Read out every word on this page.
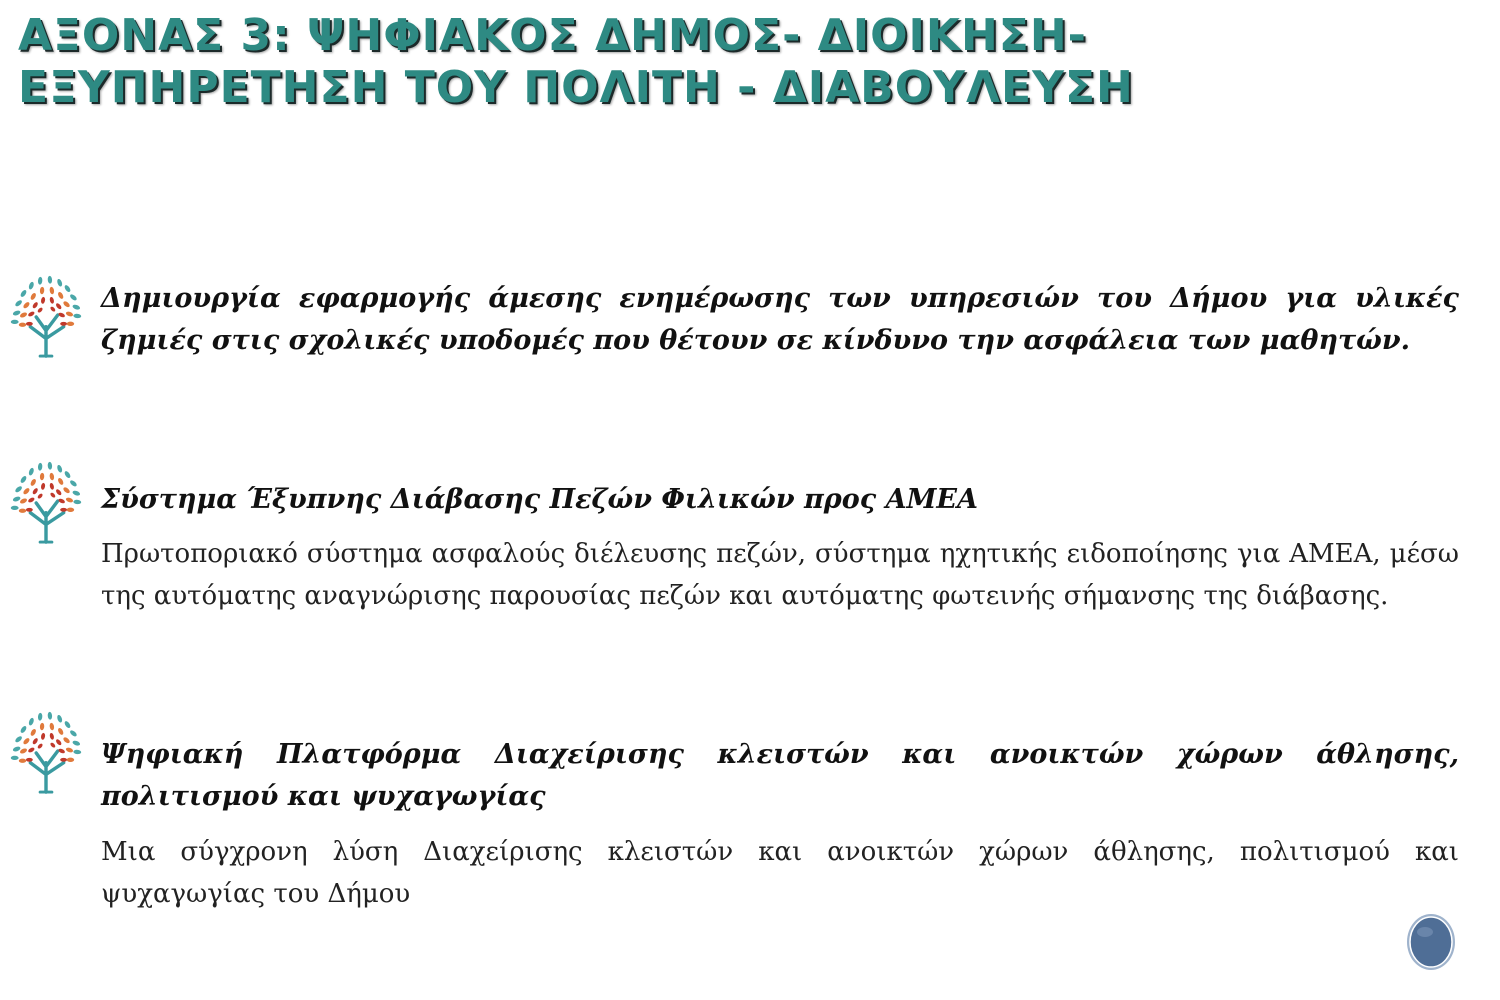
ΑΞΟΝΑΣ 3: ΨΗΦΙΑΚΟΣ ΔΗΜΟΣ- ΔΙΟΙΚΗΣΗ- ΕΞΥΠΗΡΕΤΗΣΗ ΤΟΥ ΠΟΛΙΤΗ - ΔΙΑΒΟΥΛΕΥΣΗ

Δημιουργία εφαρμογής άμεσης ενημέρωσης των υπηρεσιών του Δήμου για υλικές ζημιές στις σχολικές υποδομές που θέτουν σε κίνδυνο την ασφάλεια των μαθητών.

Σύστημα Έξυπνης Διάβασης Πεζών Φιλικών προς ΑΜΕΑ

Πρωτοποριακό σύστημα ασφαλούς διέλευσης πεζών, σύστημα ηχητικής ειδοποίησης για ΑΜΕΑ, μέσω της αυτόματης αναγνώρισης παρουσίας πεζών και αυτόματης φωτεινής σήμανσης της διάβασης.

Ψηφιακή Πλατφόρμα Διαχείρισης κλειστών και ανοικτών χώρων άθλησης, πολιτισμού και ψυχαγωγίας

Μια σύγχρονη λύση Διαχείρισης κλειστών και ανοικτών χώρων άθλησης, πολιτισμού και ψυχαγωγίας του Δήμου
